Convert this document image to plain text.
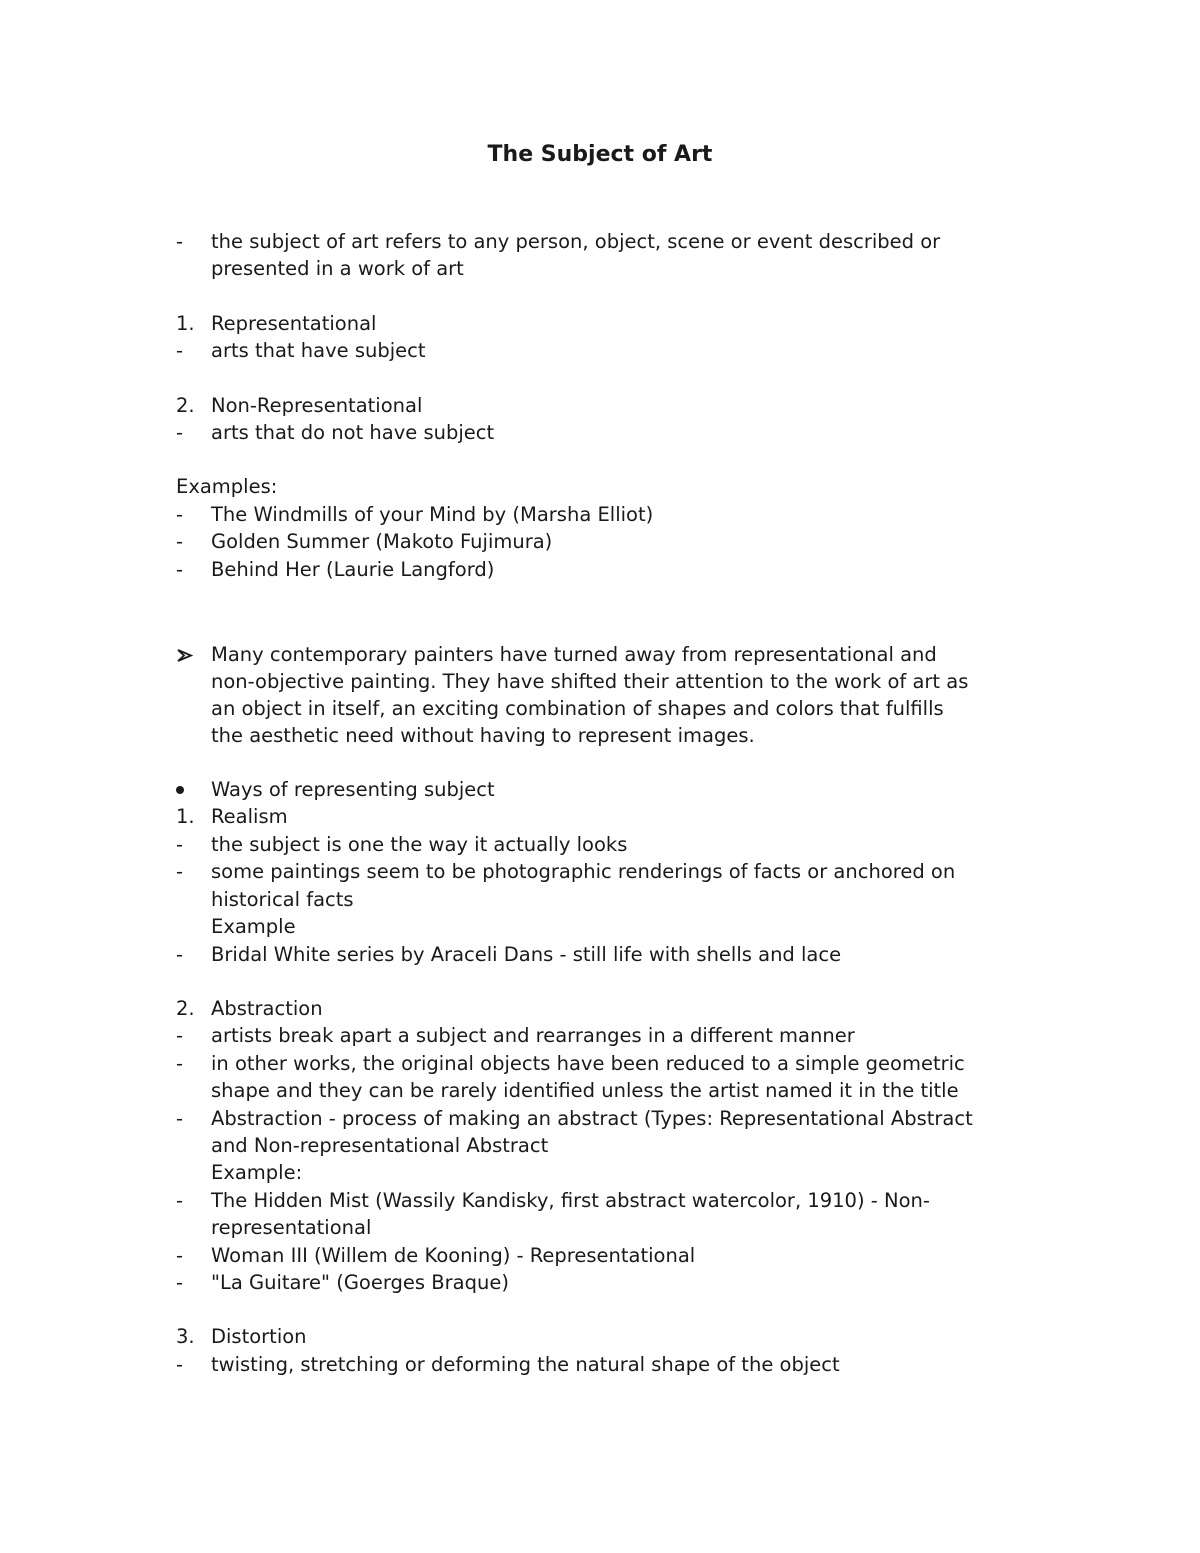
The Subject of Art

-	the subject of art refers to any person, object, scene or event described or

presented in a work of art

1. Representational

-	arts that have subject

2. Non-Representational

-	arts that do not have subject

Examples:

-	The Windmills of your Mind by (Marsha Elliot)

-	Golden Summer (Makoto Fujimura)

-	Behind Her (Laurie Langford)

Many contemporary painters have turned away from representational and

non-objective painting. They have shifted their attention to the work of art as

an object in itself, an exciting combination of shapes and colors that fulfills

the aesthetic need without having to represent images.

Ways of representing subject

1. Realism

-	the subject is one the way it actually looks

-	some paintings seem to be photographic renderings of facts or anchored on

historical facts

Example

-	Bridal White series by Araceli Dans - still life with shells and lace

2. Abstraction

-	artists break apart a subject and rearranges in a different manner

-	in other works, the original objects have been reduced to a simple geometric

shape and they can be rarely identified unless the artist named it in the title

-	Abstraction - process of making an abstract (Types: Representational Abstract

and Non-representational Abstract

Example:

-	The Hidden Mist (Wassily Kandisky, first abstract watercolor, 1910) - Non-

representational

-	Woman III (Willem de Kooning) - Representational

-	"La Guitare" (Goerges Braque)

3. Distortion

-	twisting, stretching or deforming the natural shape of the object
